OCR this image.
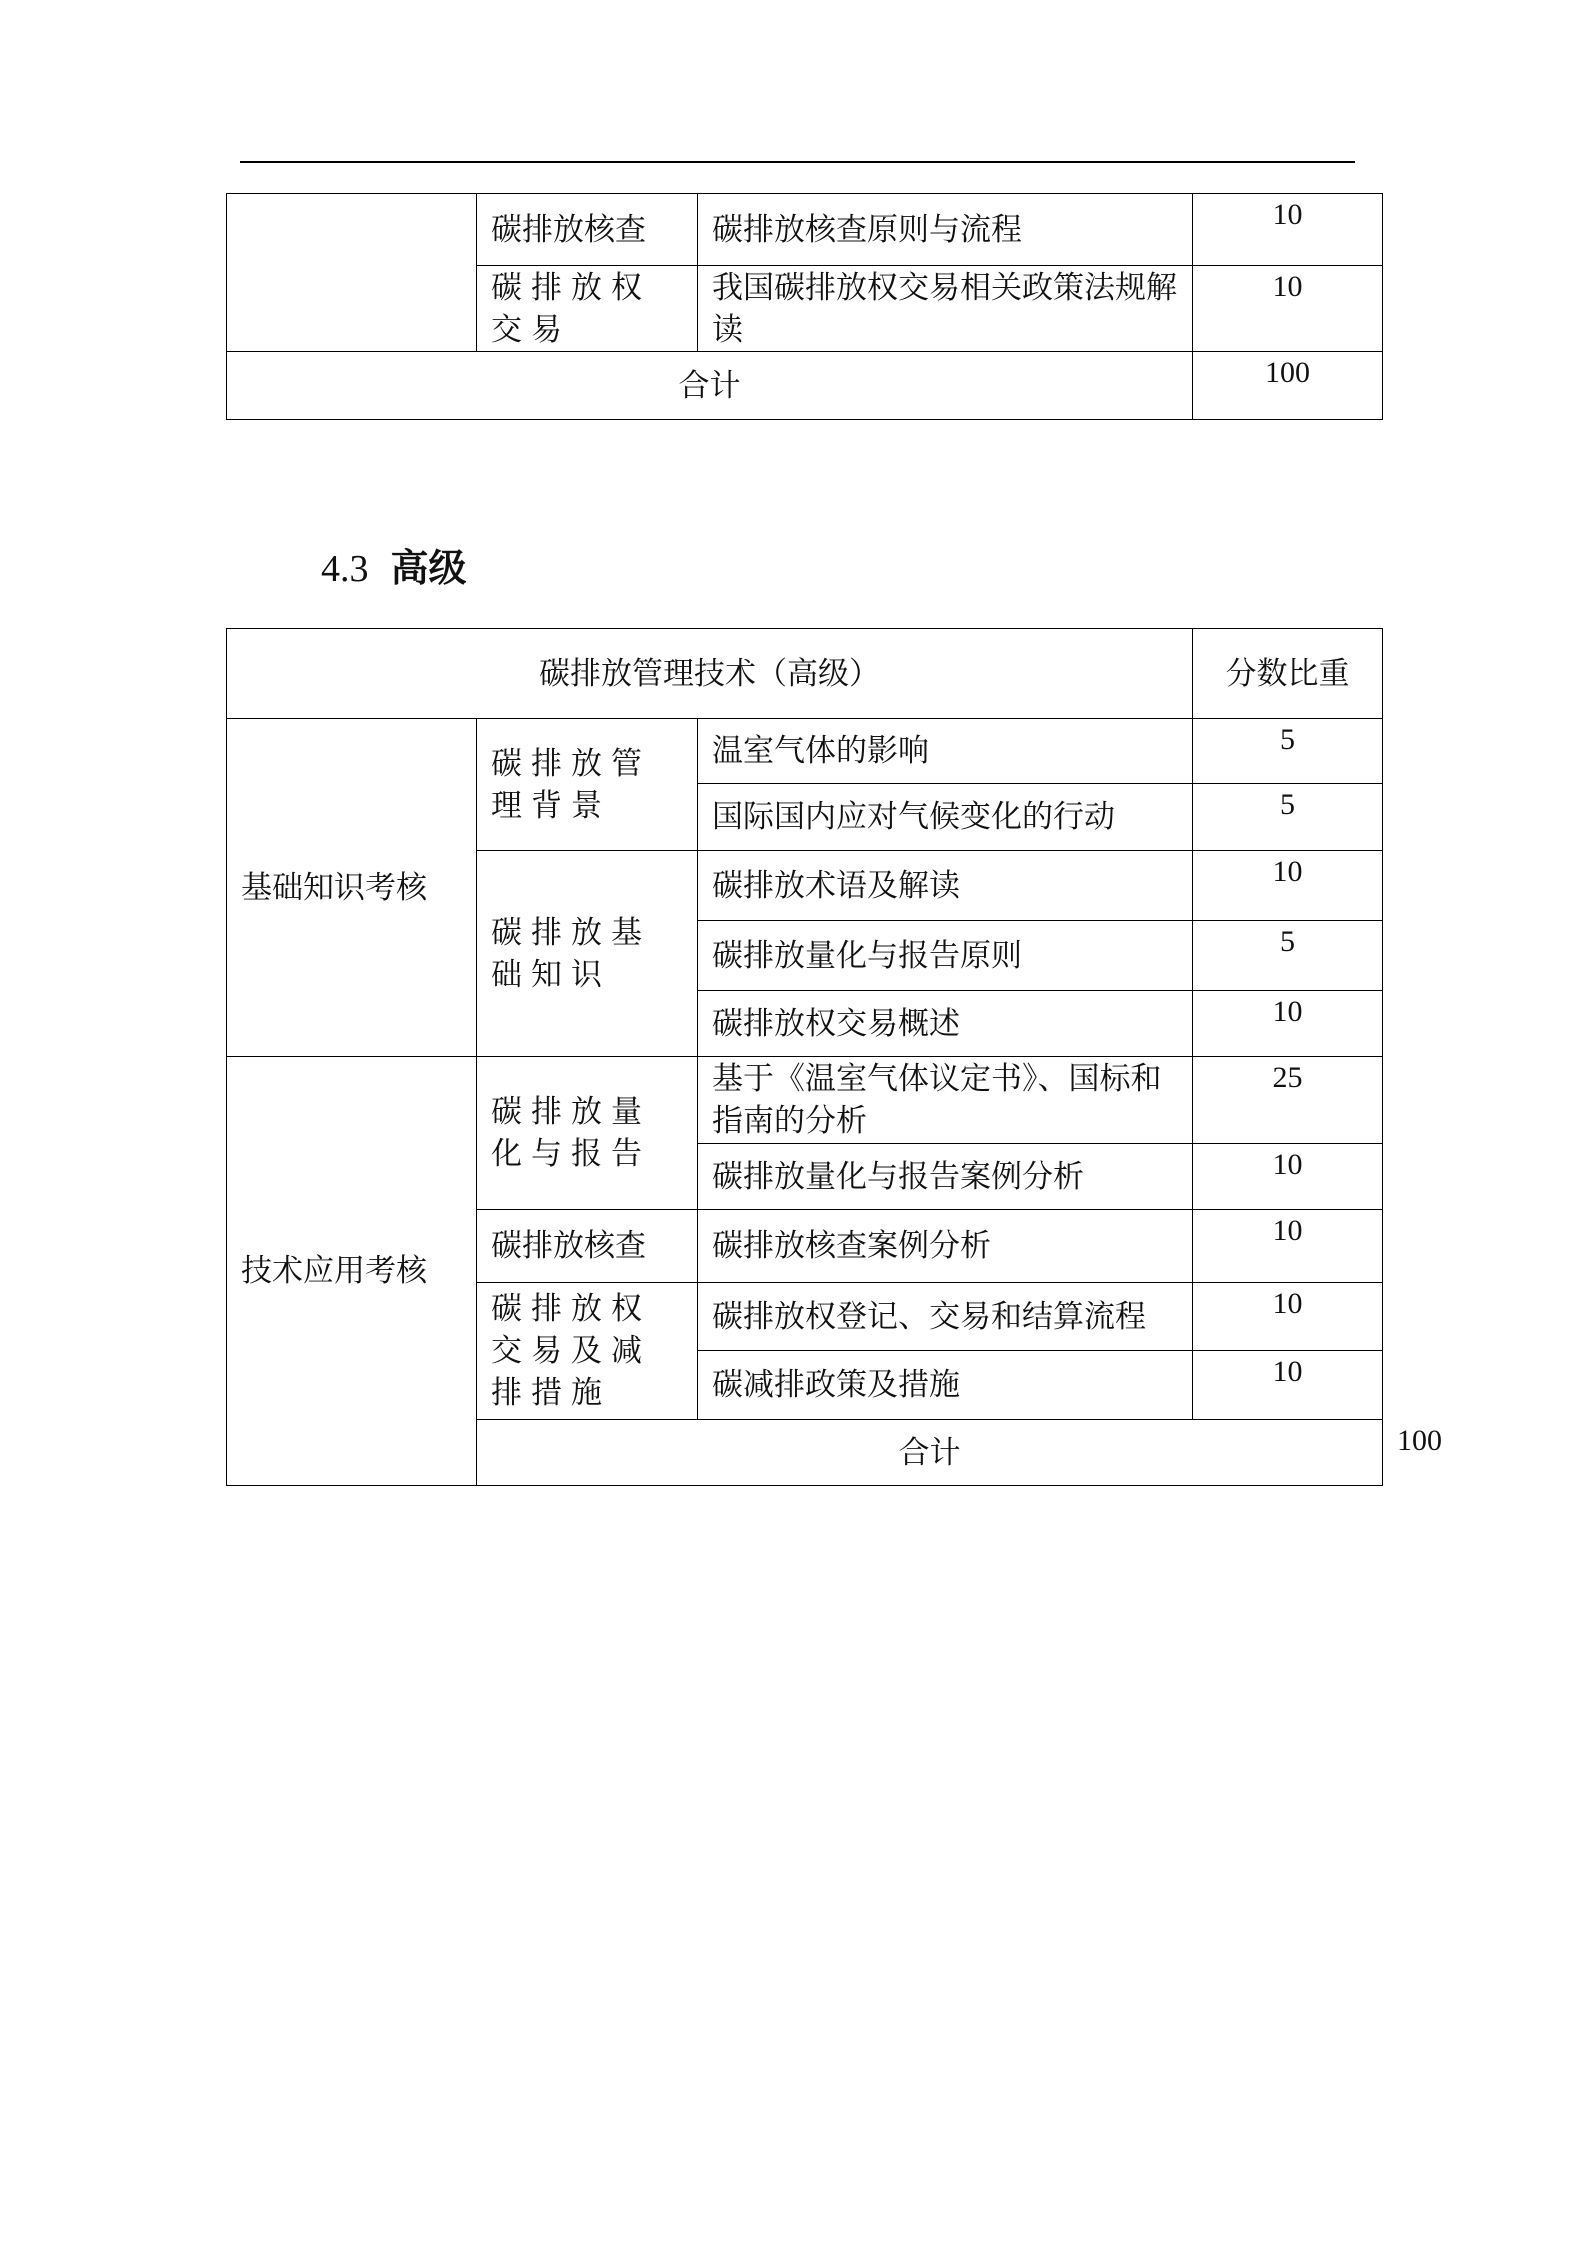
	碳排放核查	碳排放核查原则与流程	10
	碳排放权交易	我国碳排放权交易相关政策法规解读	10
合计			100
4.3 高级
碳排放管理技术（高级）			分数比重	
基础知识考核	碳排放管理背景	温室气体的影响	5	
		国际国内应对气候变化的行动	5	
	碳排放基础知识	碳排放术语及解读	10	
		碳排放量化与报告原则	5	
		碳排放权交易概述	10	
技术应用考核	碳排放量化与报告	基于《温室气体议定书》、国标和指南的分析	25	
		碳排放量化与报告案例分析	10	
	碳排放核查	碳排放核查案例分析	10	
	碳排放权交易及减排措施	碳排放权登记、交易和结算流程	10	
		碳减排政策及措施	10	
	合计			100
